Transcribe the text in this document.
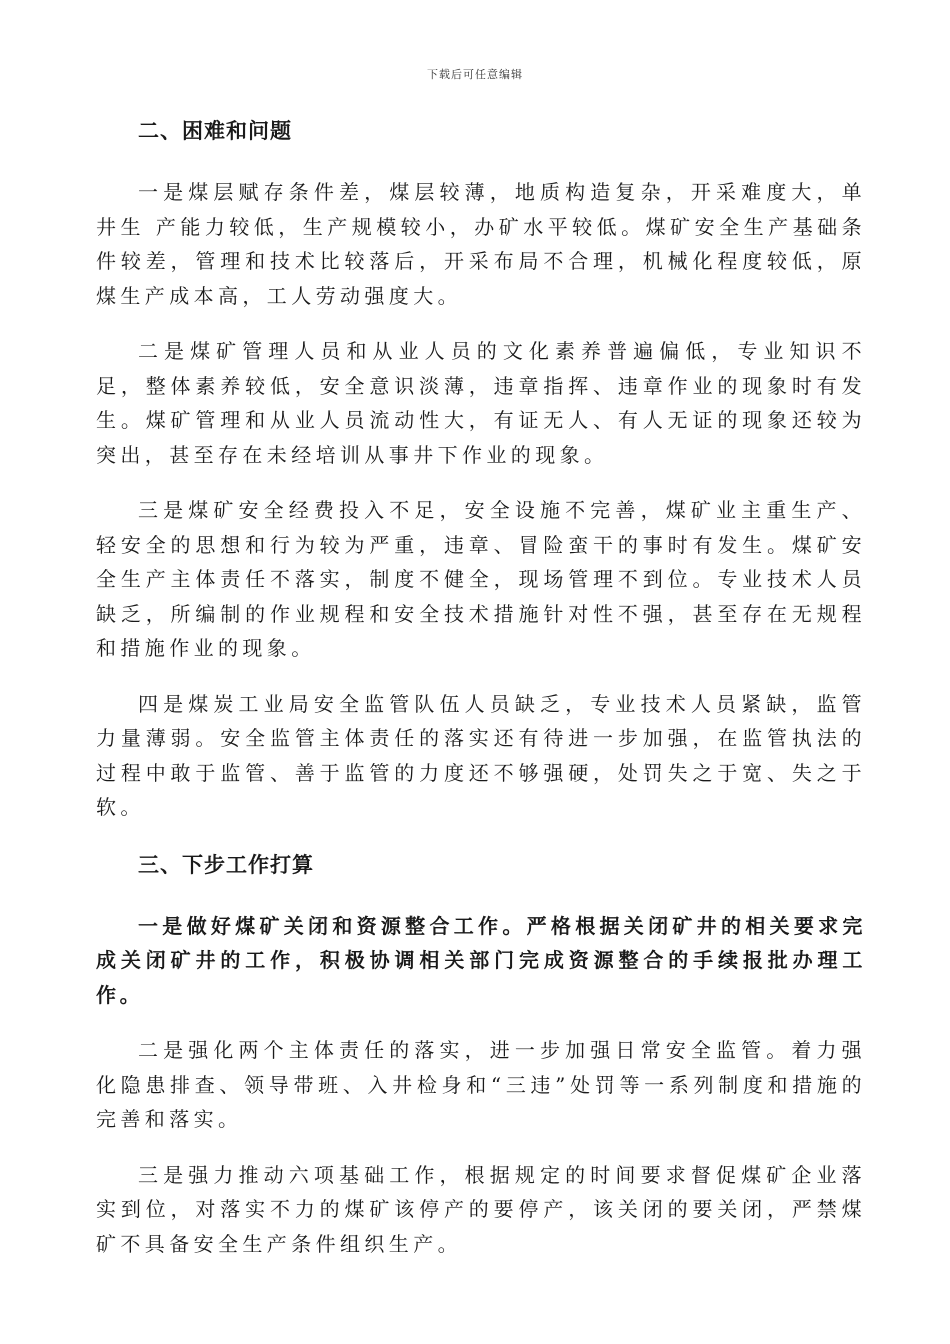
下载后可任意编辑
二、困难和问题

一是煤层赋存条件差，煤层较薄，地质构造复杂，开采难度大，单井生 产能力较低，生产规模较小，办矿水平较低。煤矿安全生产基础条件较差，管理和技术比较落后，开采布局不合理，机械化程度较低，原煤生产成本高，工人劳动强度大。

二是煤矿管理人员和从业人员的文化素养普遍偏低，专业知识不足，整体素养较低，安全意识淡薄，违章指挥、违章作业的现象时有发生。煤矿管理和从业人员流动性大，有证无人、有人无证的现象还较为突出，甚至存在未经培训从事井下作业的现象。

三是煤矿安全经费投入不足，安全设施不完善，煤矿业主重生产、轻安全的思想和行为较为严重，违章、冒险蛮干的事时有发生。煤矿安全生产主体责任不落实，制度不健全，现场管理不到位。专业技术人员缺乏，所编制的作业规程和安全技术措施针对性不强，甚至存在无规程和措施作业的现象。

四是煤炭工业局安全监管队伍人员缺乏，专业技术人员紧缺，监管力量薄弱。安全监管主体责任的落实还有待进一步加强，在监管执法的过程中敢于监管、善于监管的力度还不够强硬，处罚失之于宽、失之于软。

三、下步工作打算

一是做好煤矿关闭和资源整合工作。严格根据关闭矿井的相关要求完成关闭矿井的工作，积极协调相关部门完成资源整合的手续报批办理工作。

二是强化两个主体责任的落实，进一步加强日常安全监管。着力强化隐患排查、领导带班、入井检身和“三违”处罚等一系列制度和措施的完善和落实。

三是强力推动六项基础工作，根据规定的时间要求督促煤矿企业落实到位，对落实不力的煤矿该停产的要停产，该关闭的要关闭，严禁煤矿不具备安全生产条件组织生产。
